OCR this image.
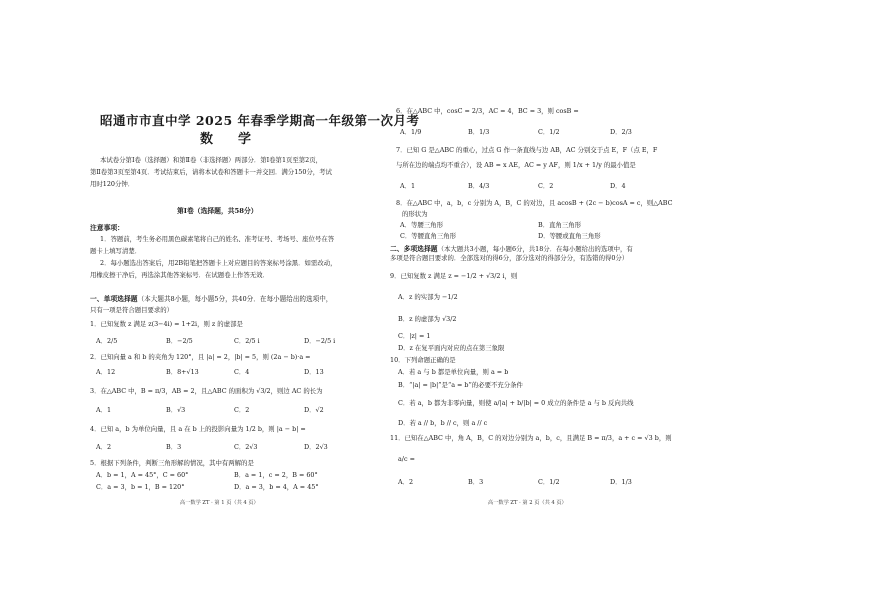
昭通市市直中学 2025 年春季学期高一年级第一次月考
数　学
本试卷分第Ⅰ卷（选择题）和第Ⅱ卷（非选择题）两部分．第Ⅰ卷第1页至第2页，
第Ⅱ卷第3页至第4页．考试结束后，请将本试卷和答题卡一并交回．满分150分，考试
用时120分钟．
第Ⅰ卷（选择题，共58分）
注意事项：
1．答题前，考生务必用黑色碳素笔将自己的姓名、准考证号、考场号、座位号在答
题卡上填写清楚．
2．每小题选出答案后，用2B铅笔把答题卡上对应题目的答案标号涂黑．如需改动，
用橡皮擦干净后，再选涂其他答案标号．在试题卷上作答无效．
一、单项选择题（本大题共8小题，每小题5分，共40分．在每小题给出的选项中，
只有一项是符合题目要求的）
1．已知复数 z 满足 z(3−4i) = 1+2i，则 z 的虚部是
A．2/5	B．−2/5	C．2/5 i	D．−2/5 i
2．已知向量 a 和 b 的夹角为 120°，且 |a| = 2，|b| = 5，则 (2a − b)·a =
A．12	B．8+√13	C．4	D．13
3．在△ABC 中，B = π/3，AB = 2，且△ABC 的面积为 √3/2，则边 AC 的长为
A．1	B．√3	C．2	D．√2
4．已知 a，b 为单位向量，且 a 在 b 上的投影向量为 1/2 b，则 |a − b| =
A．2	B．3	C．2√3	D．2√3
5．根据下列条件，判断三角形解的情况，其中有两解的是
A．b = 1，A = 45°，C = 60°	B．a = 1，c = 2，B = 60°
C．a = 3，b = 1，B = 120°	D．a = 3，b = 4，A = 45°
高一数学 ZT · 第 1 页（共 4 页）
6．在△ABC 中，cosC = 2/3，AC = 4，BC = 3，则 cosB =
A．1/9	B．1/3	C．1/2	D．2/3
7．已知 G 是△ABC 的重心，过点 G 作一条直线与边 AB，AC 分别交于点 E，F（点 E，F
与所在边的端点均不重合），设 AB = x AE，AC = y AF，则 1/x + 1/y 的最小值是
A．1	B．4/3	C．2	D．4
8．在△ABC 中，a，b，c 分别为 A，B，C 的对边，且 acosB + (2c − b)cosA = c，则△ABC
的形状为
A．等腰三角形	B．直角三角形
C．等腰直角三角形	D．等腰或直角三角形
二、多项选择题（本大题共3小题，每小题6分，共18分．在每小题给出的选项中，有
多项是符合题目要求的．全部选对的得6分，部分选对的得部分分，有选错的得0分）
9．已知复数 z 满足 z = −1/2 + √3/2 i，则
A．z 的实部为 −1/2
B．z 的虚部为 √3/2
C．|z| = 1
D．z 在复平面内对应的点在第三象限
10．下列命题正确的是
A．若 a 与 b 都是单位向量，则 a = b
B．“|a| = |b|”是“a = b”的必要不充分条件
C．若 a，b 都为非零向量，则使 a/|a| + b/|b| = 0 成立的条件是 a 与 b 反向共线
D．若 a // b，b // c，则 a // c
11．已知在△ABC 中，角 A，B，C 的对边分别为 a，b，c，且满足 B = π/3，a + c = √3 b，则
a/c =
A．2	B．3	C．1/2	D．1/3
高一数学 ZT · 第 2 页（共 4 页）
